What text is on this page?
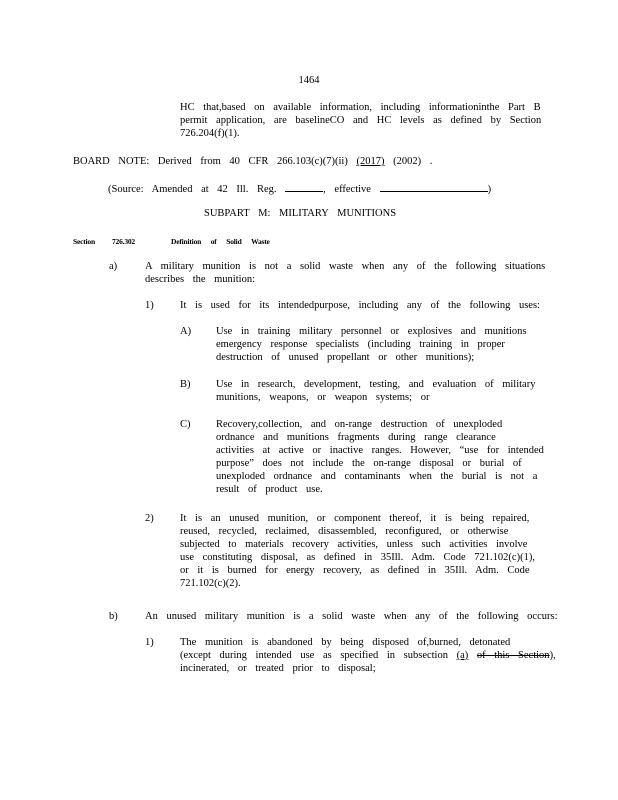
1464
HC that,based on available information, including informationinthe Part B
permit application, are baselineCO and HC levels as defined by Section
726.204(f)(1).
BOARD NOTE: Derived from 40 CFR 266.103(c)(7)(ii) (2017) (2002) .
(Source: Amended at 42 Ill. Reg.	, effective	)
SUBPART M: MILITARY MUNITIONS
Section 726.302	Definition of Solid Waste
a)	A military munition is not a solid waste when any of the following situations
describes the munition:
1)	It is used for its intendedpurpose, including any of the following uses:
A) Use in training military personnel or explosives and munitions
emergency response specialists (including training in proper
destruction of unused propellant or other munitions);
B) Use in research, development, testing, and evaluation of military
munitions, weapons, or weapon systems; or
C) Recovery,collection, and on-range destruction of unexploded
ordnance and munitions fragments during range clearance
activities at active or inactive ranges. However, “use for intended
purpose” does not include the on-range disposal or burial of
unexploded ordnance and contaminants when the burial is not a
result of product use.
2)	It is an unused munition, or component thereof, it is being repaired,
reused, recycled, reclaimed, disassembled, reconfigured, or otherwise
subjected to materials recovery activities, unless such activities involve
use constituting disposal, as defined in 35Ill. Adm. Code 721.102(c)(1),
or it is burned for energy recovery, as defined in 35Ill. Adm. Code
721.102(c)(2).
b)	An unused military munition is a solid waste when any of the following occurs:
1)	The munition is abandoned by being disposed of,burned, detonated
(except during intended use as specified in subsection (a) of this Section),
incinerated, or treated prior to disposal;
